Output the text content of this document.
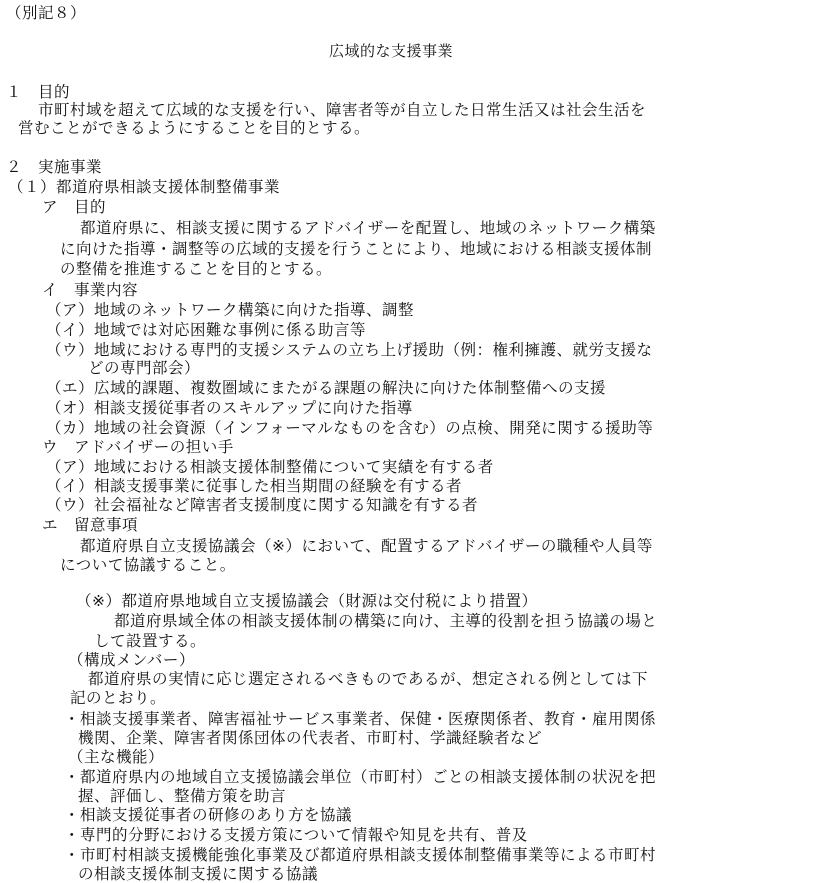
（別記８）
広域的な支援事業
１　目的
市町村域を超えて広域的な支援を行い、障害者等が自立した日常生活又は社会生活を
営むことができるようにすることを目的とする。
２　実施事業
（１）都道府県相談支援体制整備事業
ア　目的
都道府県に、相談支援に関するアドバイザーを配置し、地域のネットワーク構築
に向けた指導・調整等の広域的支援を行うことにより、地域における相談支援体制
の整備を推進することを目的とする。
イ　事業内容
（ア）地域のネットワーク構築に向けた指導、調整
（イ）地域では対応困難な事例に係る助言等
（ウ）地域における専門的支援システムの立ち上げ援助（例：権利擁護、就労支援な
どの専門部会）
（エ）広域的課題、複数圏域にまたがる課題の解決に向けた体制整備への支援
（オ）相談支援従事者のスキルアップに向けた指導
（カ）地域の社会資源（インフォーマルなものを含む）の点検、開発に関する援助等
ウ　アドバイザーの担い手
（ア）地域における相談支援体制整備について実績を有する者
（イ）相談支援事業に従事した相当期間の経験を有する者
（ウ）社会福祉など障害者支援制度に関する知識を有する者
エ　留意事項
都道府県自立支援協議会（※）において、配置するアドバイザーの職種や人員等
について協議すること。
（※）都道府県地域自立支援協議会（財源は交付税により措置）
都道府県域全体の相談支援体制の構築に向け、主導的役割を担う協議の場と
して設置する。
（構成メンバー）
都道府県の実情に応じ選定されるべきものであるが、想定される例としては下
記のとおり。
・相談支援事業者、障害福祉サービス事業者、保健・医療関係者、教育・雇用関係
機関、企業、障害者関係団体の代表者、市町村、学識経験者など
（主な機能）
・都道府県内の地域自立支援協議会単位（市町村）ごとの相談支援体制の状況を把
握、評価し、整備方策を助言
・相談支援従事者の研修のあり方を協議
・専門的分野における支援方策について情報や知見を共有、普及
・市町村相談支援機能強化事業及び都道府県相談支援体制整備事業等による市町村
の相談支援体制支援に関する協議
